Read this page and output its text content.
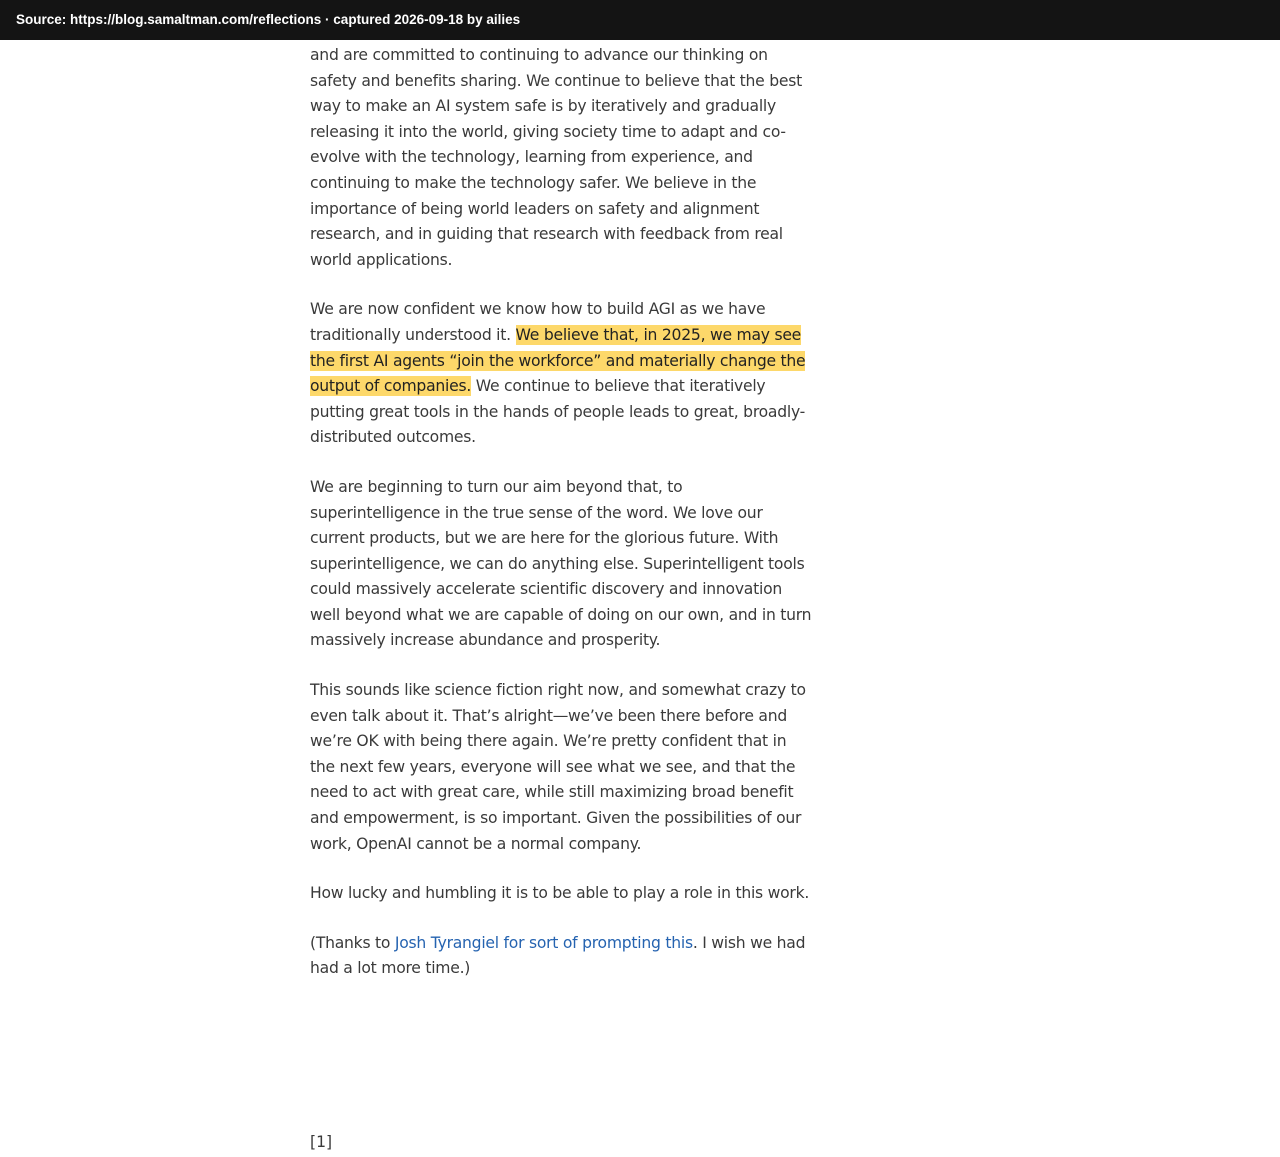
Source: https://blog.samaltman.com/reflections · captured 2026-09-18 by ailies

and are committed to continuing to advance our thinking on safety and benefits sharing. We continue to believe that the best way to make an AI system safe is by iteratively and gradually releasing it into the world, giving society time to adapt and co-evolve with the technology, learning from experience, and continuing to make the technology safer. We believe in the importance of being world leaders on safety and alignment research, and in guiding that research with feedback from real world applications.

We are now confident we know how to build AGI as we have traditionally understood it. We believe that, in 2025, we may see the first AI agents “join the workforce” and materially change the output of companies. We continue to believe that iteratively putting great tools in the hands of people leads to great, broadly-distributed outcomes.

We are beginning to turn our aim beyond that, to superintelligence in the true sense of the word. We love our current products, but we are here for the glorious future. With superintelligence, we can do anything else. Superintelligent tools could massively accelerate scientific discovery and innovation well beyond what we are capable of doing on our own, and in turn massively increase abundance and prosperity.

This sounds like science fiction right now, and somewhat crazy to even talk about it. That’s alright—we’ve been there before and we’re OK with being there again. We’re pretty confident that in the next few years, everyone will see what we see, and that the need to act with great care, while still maximizing broad benefit and empowerment, is so important. Given the possibilities of our work, OpenAI cannot be a normal company.

How lucky and humbling it is to be able to play a role in this work.

(Thanks to Josh Tyrangiel for sort of prompting this. I wish we had had a lot more time.)

[1]
